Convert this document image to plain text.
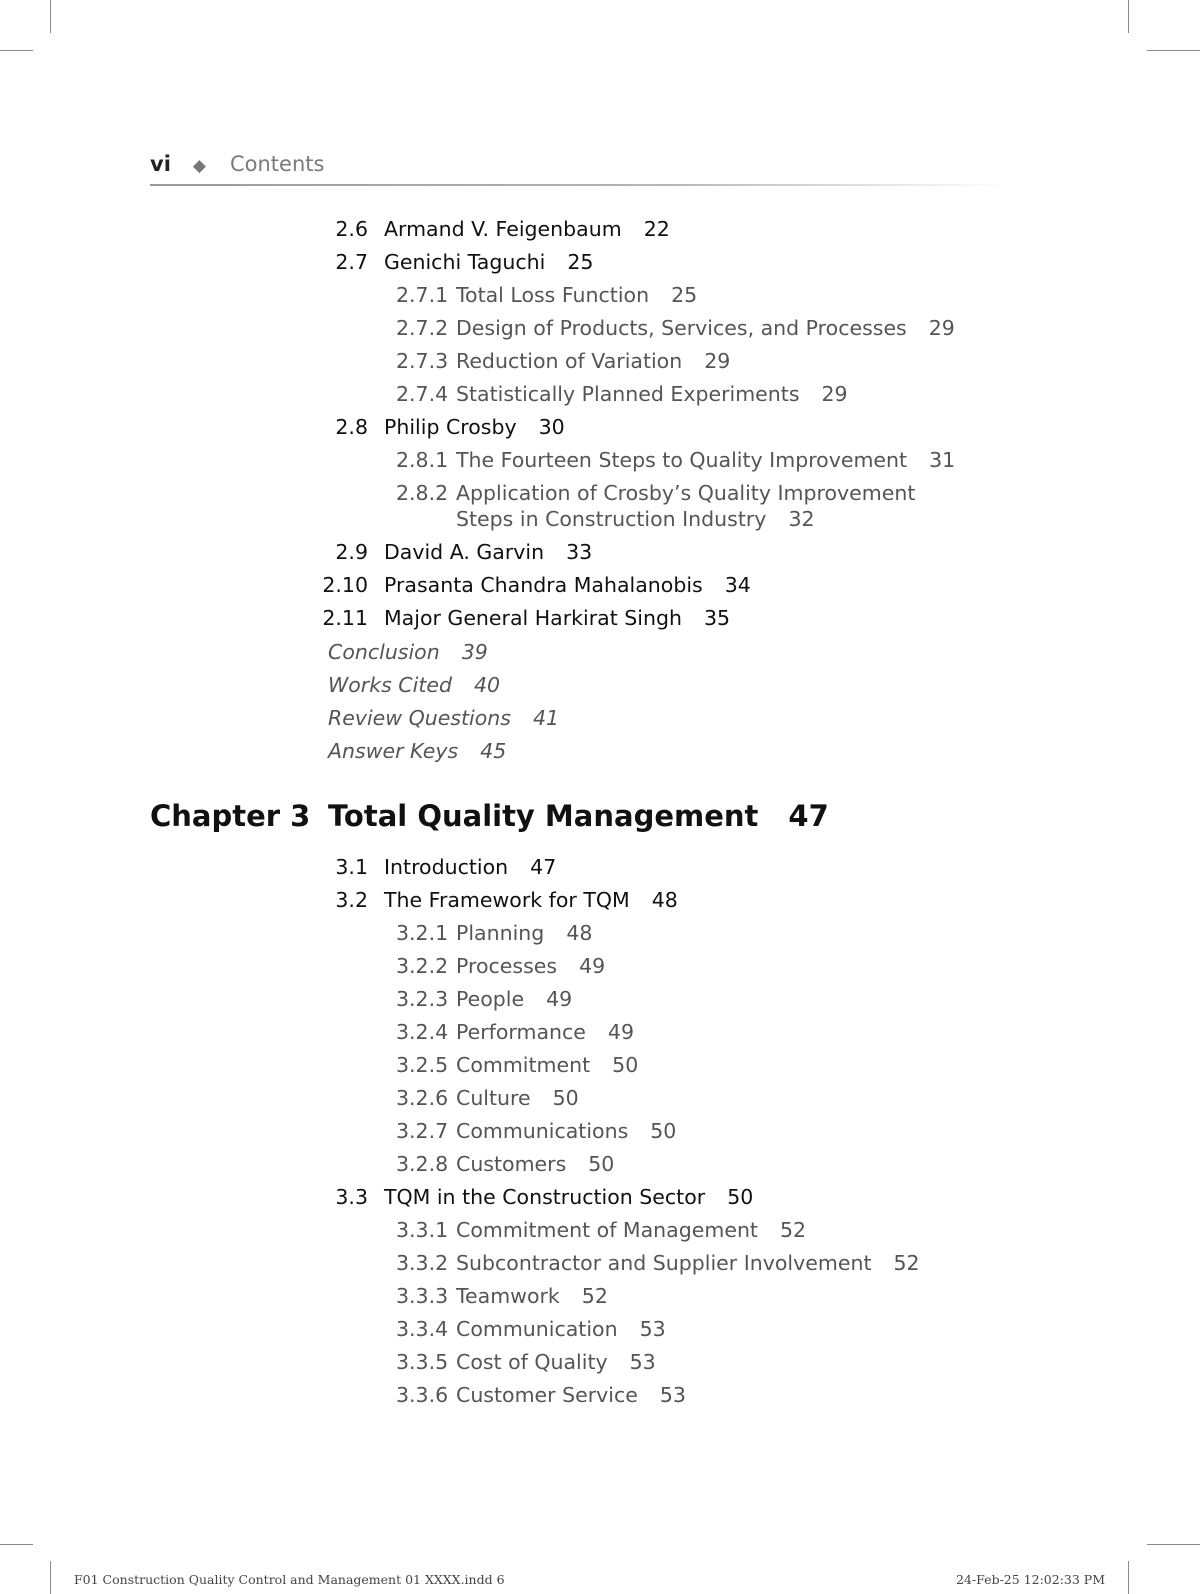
vi ◆ Contents
2.6 Armand V. Feigenbaum 22
2.7 Genichi Taguchi 25
2.7.1 Total Loss Function 25
2.7.2 Design of Products, Services, and Processes 29
2.7.3 Reduction of Variation 29
2.7.4 Statistically Planned Experiments 29
2.8 Philip Crosby 30
2.8.1 The Fourteen Steps to Quality Improvement 31
2.8.2 Application of Crosby’s Quality Improvement
Steps in Construction Industry 32
2.9 David A. Garvin 33
2.10 Prasanta Chandra Mahalanobis 34
2.11 Major General Harkirat Singh 35
Conclusion 39
Works Cited 40
Review Questions 41
Answer Keys 45
3.1 Introduction 47
3.2 The Framework for TQM 48
3.2.1 Planning 48
3.2.2 Processes 49
3.2.3 People 49
3.2.4 Performance 49
3.2.5 Commitment 50
3.2.6 Culture 50
3.2.7 Communications 50
3.2.8 Customers 50
3.3 TQM in the Construction Sector 50
3.3.1 Commitment of Management 52
3.3.2 Subcontractor and Supplier Involvement 52
3.3.3 Teamwork 52
3.3.4 Communication 53
3.3.5 Cost of Quality 53
3.3.6 Customer Service 53
Chapter 3 Total Quality Management 47
F01 Construction Quality Control and Management 01 XXXX.indd 6	24-Feb-25 12:02:33 PM
